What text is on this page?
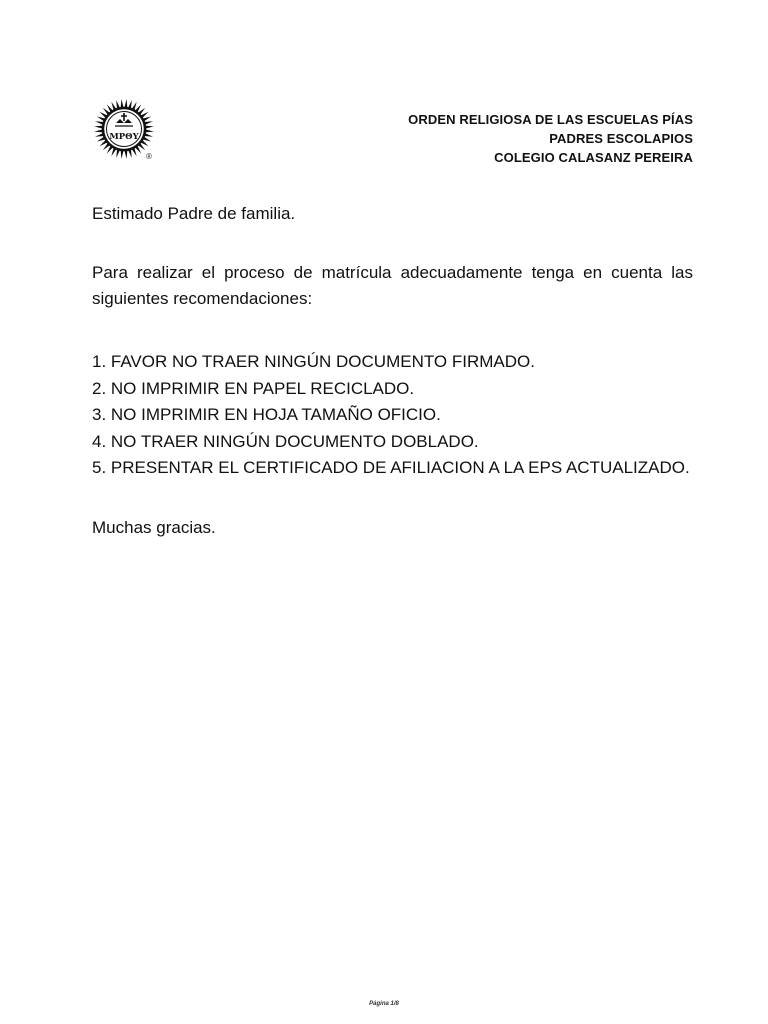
MPΘY
®
ORDEN RELIGIOSA DE LAS ESCUELAS PÍAS
PADRES ESCOLAPIOS
COLEGIO CALASANZ PEREIRA
Estimado Padre de familia.
Para realizar el proceso de matrícula adecuadamente tenga en cuenta las siguientes recomendaciones:
1. FAVOR NO TRAER NINGÚN DOCUMENTO FIRMADO.
2. NO IMPRIMIR EN PAPEL RECICLADO.
3. NO IMPRIMIR EN HOJA TAMAÑO OFICIO.
4. NO TRAER NINGÚN DOCUMENTO DOBLADO.
5. PRESENTAR EL CERTIFICADO DE AFILIACION A LA EPS ACTUALIZADO.
Muchas gracias.
Página 1/8
